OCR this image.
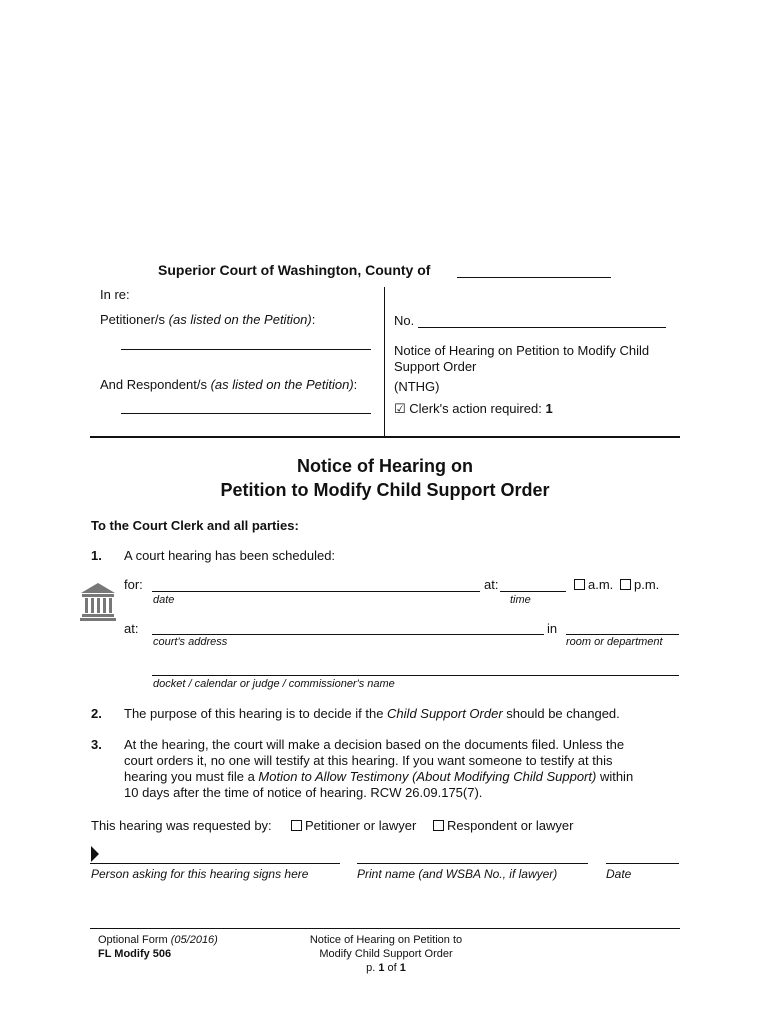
Superior Court of Washington, County of
In re:
Petitioner/s (as listed on the Petition):
And Respondent/s (as listed on the Petition):
No.
Notice of Hearing on Petition to Modify Child Support Order
(NTHG)
☑ Clerk's action required: 1
Notice of Hearing on
Petition to Modify Child Support Order
To the Court Clerk and all parties:
1. A court hearing has been scheduled:
for:
date
at:
time
a.m.	p.m.
at:
court's address
in
room or department
docket / calendar or judge / commissioner's name
2. The purpose of this hearing is to decide if the Child Support Order should be changed.
3. At the hearing, the court will make a decision based on the documents filed. Unless the
court orders it, no one will testify at this hearing. If you want someone to testify at this
hearing you must file a Motion to Allow Testimony (About Modifying Child Support) within
10 days after the time of notice of hearing. RCW 26.09.175(7).
This hearing was requested by:	Petitioner or lawyer	Respondent or lawyer
Person asking for this hearing signs here	Print name (and WSBA No., if lawyer)	Date
Optional Form (05/2016)
FL Modify 506
Notice of Hearing on Petition to
Modify Child Support Order
p. 1 of 1
